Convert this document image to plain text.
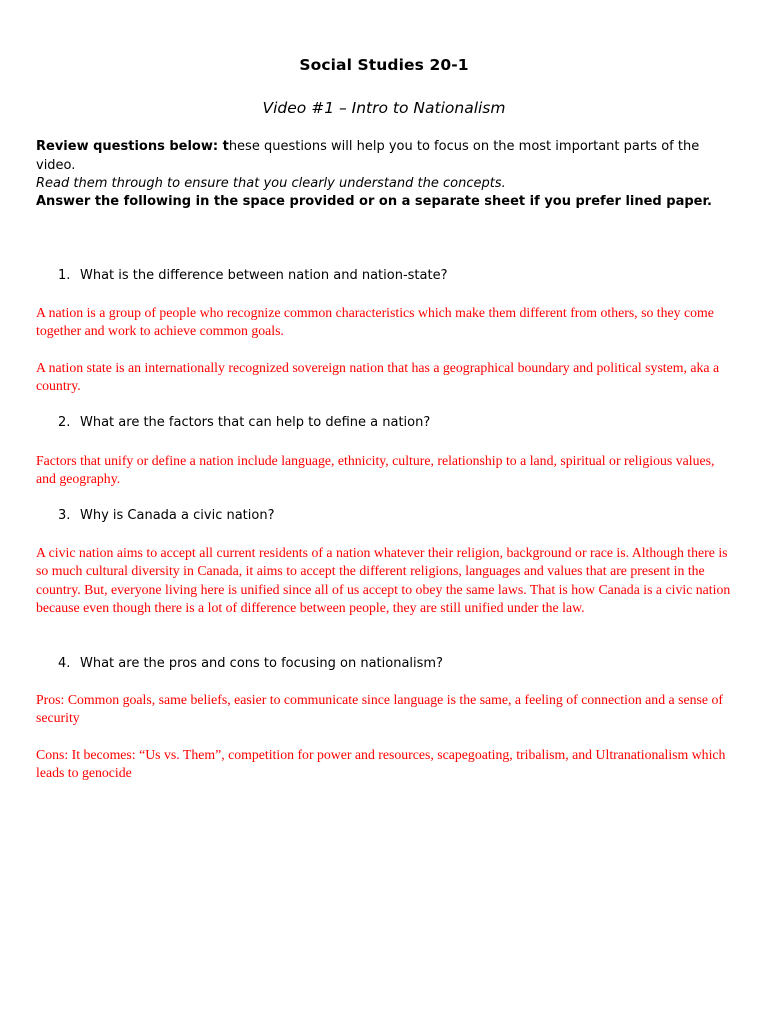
Social Studies 20-1
Video #1 – Intro to Nationalism
Review questions below: these questions will help you to focus on the most important parts of the video.
Read them through to ensure that you clearly understand the concepts.
Answer the following in the space provided or on a separate sheet if you prefer lined paper.
1. What is the difference between nation and nation-state?
A nation is a group of people who recognize common characteristics which make them different from others, so they come together and work to achieve common goals.
A nation state is an internationally recognized sovereign nation that has a geographical boundary and political system, aka a country.
2. What are the factors that can help to define a nation?
Factors that unify or define a nation include language, ethnicity, culture, relationship to a land, spiritual or religious values, and geography.
3. Why is Canada a civic nation?
A civic nation aims to accept all current residents of a nation whatever their religion, background or race is. Although there is so much cultural diversity in Canada, it aims to accept the different religions, languages and values that are present in the country. But, everyone living here is unified since all of us accept to obey the same laws. That is how Canada is a civic nation because even though there is a lot of difference between people, they are still unified under the law.
4. What are the pros and cons to focusing on nationalism?
Pros: Common goals, same beliefs, easier to communicate since language is the same, a feeling of connection and a sense of security
Cons: It becomes: “Us vs. Them”, competition for power and resources, scapegoating, tribalism, and Ultranationalism which leads to genocide
